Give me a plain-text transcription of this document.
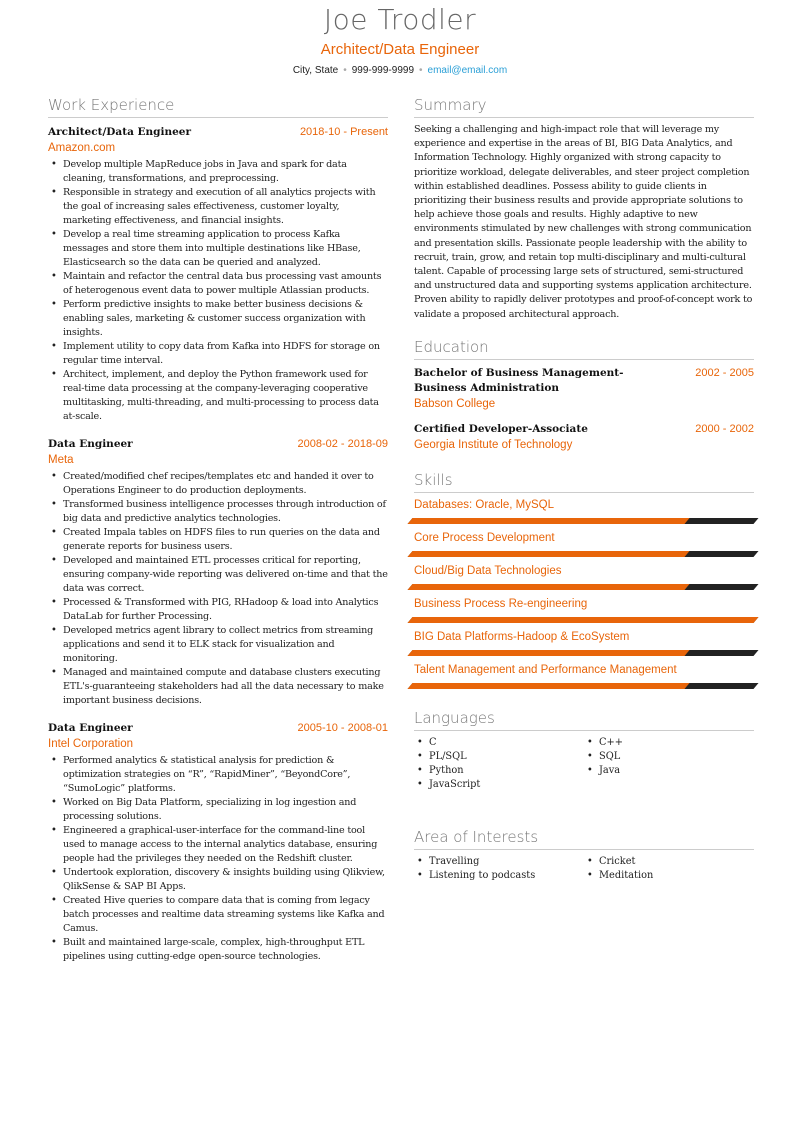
Joe Trodler
Architect/Data Engineer
City, State • 999-999-9999 • email@email.com
Work Experience
Architect/Data Engineer	2018-10 - Present
Amazon.com
• Develop multiple MapReduce jobs in Java and spark for data cleaning, transformations, and preprocessing.
• Responsible in strategy and execution of all analytics projects with the goal of increasing sales effectiveness, customer loyalty, marketing effectiveness, and financial insights.
• Develop a real time streaming application to process Kafka messages and store them into multiple destinations like HBase, Elasticsearch so the data can be queried and analyzed.
• Maintain and refactor the central data bus processing vast amounts of heterogenous event data to power multiple Atlassian products.
• Perform predictive insights to make better business decisions & enabling sales, marketing & customer success organization with insights.
• Implement utility to copy data from Kafka into HDFS for storage on regular time interval.
• Architect, implement, and deploy the Python framework used for real-time data processing at the company-leveraging cooperative multitasking, multi-threading, and multi-processing to process data at-scale.
Data Engineer	2008-02 - 2018-09
Meta
• Created/modified chef recipes/templates etc and handed it over to Operations Engineer to do production deployments.
• Transformed business intelligence processes through introduction of big data and predictive analytics technologies.
• Created Impala tables on HDFS files to run queries on the data and generate reports for business users.
• Developed and maintained ETL processes critical for reporting, ensuring company-wide reporting was delivered on-time and that the data was correct.
• Processed & Transformed with PIG, RHadoop & load into Analytics DataLab for further Processing.
• Developed metrics agent library to collect metrics from streaming applications and send it to ELK stack for visualization and monitoring.
• Managed and maintained compute and database clusters executing ETL's-guaranteeing stakeholders had all the data necessary to make important business decisions.
Data Engineer	2005-10 - 2008-01
Intel Corporation
• Performed analytics & statistical analysis for prediction & optimization strategies on “R”, “RapidMiner”, “BeyondCore”, “SumoLogic” platforms.
• Worked on Big Data Platform, specializing in log ingestion and processing solutions.
• Engineered a graphical-user-interface for the command-line tool used to manage access to the internal analytics database, ensuring people had the privileges they needed on the Redshift cluster.
• Undertook exploration, discovery & insights building using Qlikview, QlikSense & SAP BI Apps.
• Created Hive queries to compare data that is coming from legacy batch processes and realtime data streaming systems like Kafka and Camus.
• Built and maintained large-scale, complex, high-throughput ETL pipelines using cutting-edge open-source technologies.
Summary
Seeking a challenging and high-impact role that will leverage my experience and expertise in the areas of BI, BIG Data Analytics, and Information Technology. Highly organized with strong capacity to prioritize workload, delegate deliverables, and steer project completion within established deadlines. Possess ability to guide clients in prioritizing their business results and provide appropriate solutions to help achieve those goals and results. Highly adaptive to new environments stimulated by new challenges with strong communication and presentation skills. Passionate people leadership with the ability to recruit, train, grow, and retain top multi-disciplinary and multi-cultural talent. Capable of processing large sets of structured, semi-structured and unstructured data and supporting systems application architecture. Proven ability to rapidly deliver prototypes and proof-of-concept work to validate a proposed architectural approach.
Education
Bachelor of Business Management-Business Administration
2002 - 2005
Babson College
Certified Developer-Associate	2000 - 2002
Georgia Institute of Technology
Skills
Databases: Oracle, MySQL
Core Process Development
Cloud/Big Data Technologies
Business Process Re-engineering
BIG Data Platforms-Hadoop & EcoSystem
Talent Management and Performance Management
Languages
• C
• PL/SQL
• Python
• JavaScript
• C++
• SQL
• Java
Area of Interests
• Travelling
• Listening to podcasts
• Cricket
• Meditation
